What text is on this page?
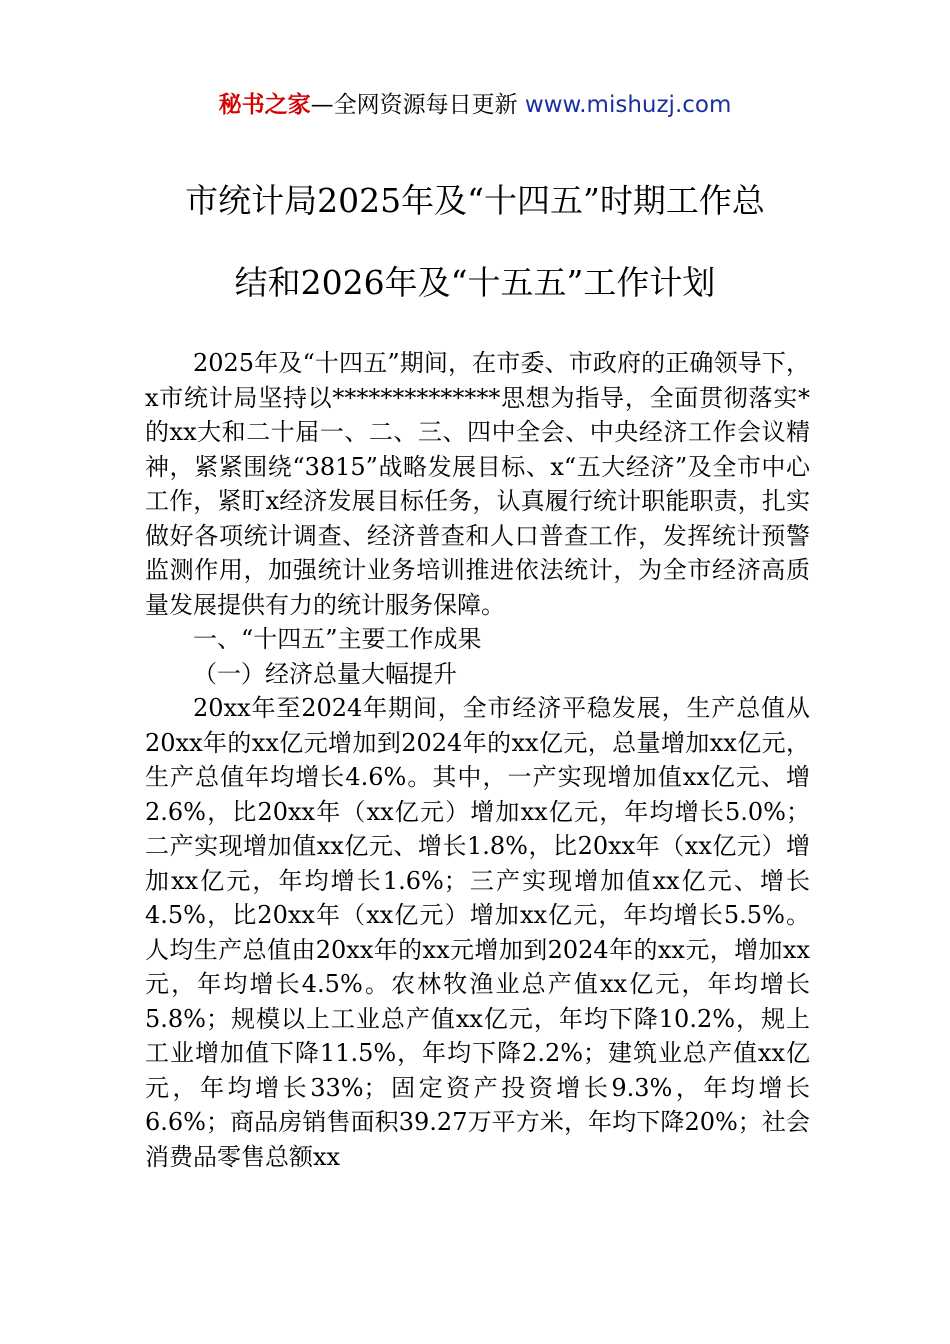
秘书之家—全网资源每日更新 www.mishuzj.com
市统计局2025年及“十四五”时期工作总
结和2026年及“十五五”工作计划

2025年及“十四五”期间，在市委、市政府的正确领导下，x市统计局坚持以**************思想为指导，全面贯彻落实*的xx大和二十届一、二、三、四中全会、中央经济工作会议精神，紧紧围绕“3815”战略发展目标、x“五大经济”及全市中心工作，紧盯x经济发展目标任务，认真履行统计职能职责，扎实做好各项统计调查、经济普查和人口普查工作，发挥统计预警监测作用，加强统计业务培训推进依法统计，为全市经济高质量发展提供有力的统计服务保障。

一、“十四五”主要工作成果

（一）经济总量大幅提升

20xx年至2024年期间，全市经济平稳发展，生产总值从20xx年的xx亿元增加到2024年的xx亿元，总量增加xx亿元，生产总值年均增长4.6%。其中，一产实现增加值xx亿元、增2.6%，比20xx年（xx亿元）增加xx亿元，年均增长5.0%；二产实现增加值xx亿元、增长1.8%，比20xx年（xx亿元）增加xx亿元，年均增长1.6%；三产实现增加值xx亿元、增长4.5%，比20xx年（xx亿元）增加xx亿元，年均增长5.5%。人均生产总值由20xx年的xx元增加到2024年的xx元，增加xx元，年均增长4.5%。农林牧渔业总产值xx亿元，年均增长5.8%；规模以上工业总产值xx亿元，年均下降10.2%，规上工业增加值下降11.5%，年均下降2.2%；建筑业总产值xx亿元，年均增长33%；固定资产投资增长9.3%，年均增长6.6%；商品房销售面积39.27万平方米，年均下降20%；社会消费品零售总额xx
